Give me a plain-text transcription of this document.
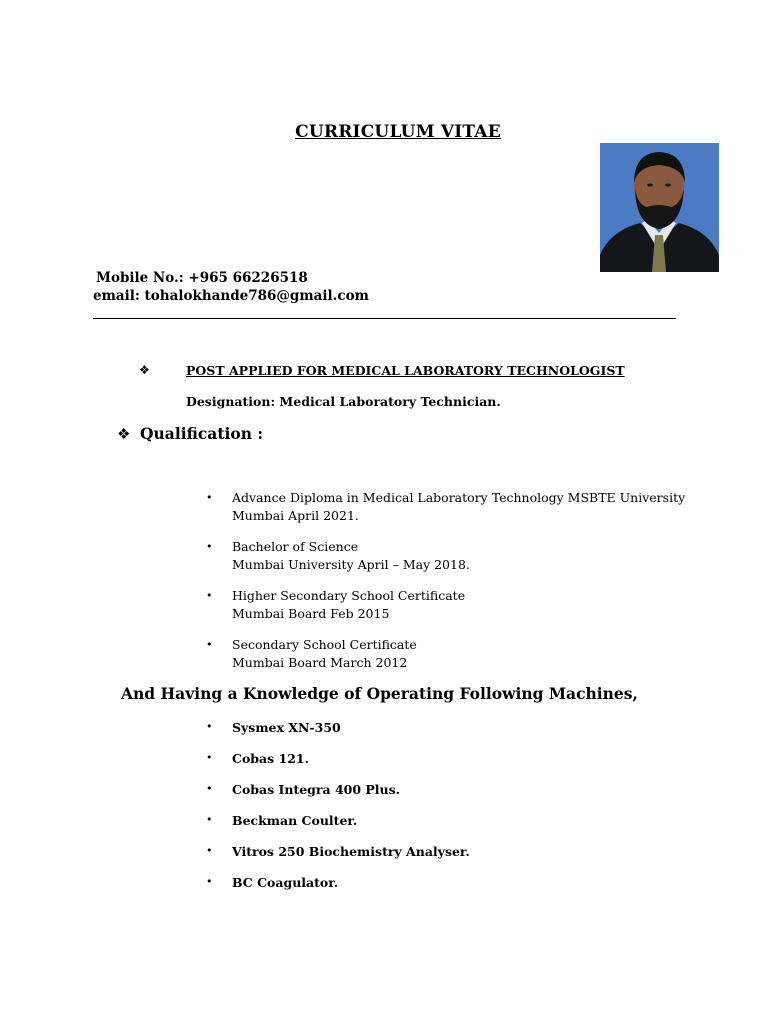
CURRICULUM VITAE
Mobile No.: +965 66226518
email: tohalokhande786@gmail.com
❖	POST APPLIED FOR MEDICAL LABORATORY TECHNOLOGIST
Designation: Medical Laboratory Technician.
❖ Qualification :
• Advance Diploma in Medical Laboratory Technology MSBTE University
Mumbai April 2021.
• Bachelor of Science
Mumbai University April – May 2018.
• Higher Secondary School Certificate
Mumbai Board Feb 2015
• Secondary School Certificate
Mumbai Board March 2012
And Having a Knowledge of Operating Following Machines,
• Sysmex XN-350
• Cobas 121.
• Cobas Integra 400 Plus.
• Beckman Coulter.
• Vitros 250 Biochemistry Analyser.
• BC Coagulator.
